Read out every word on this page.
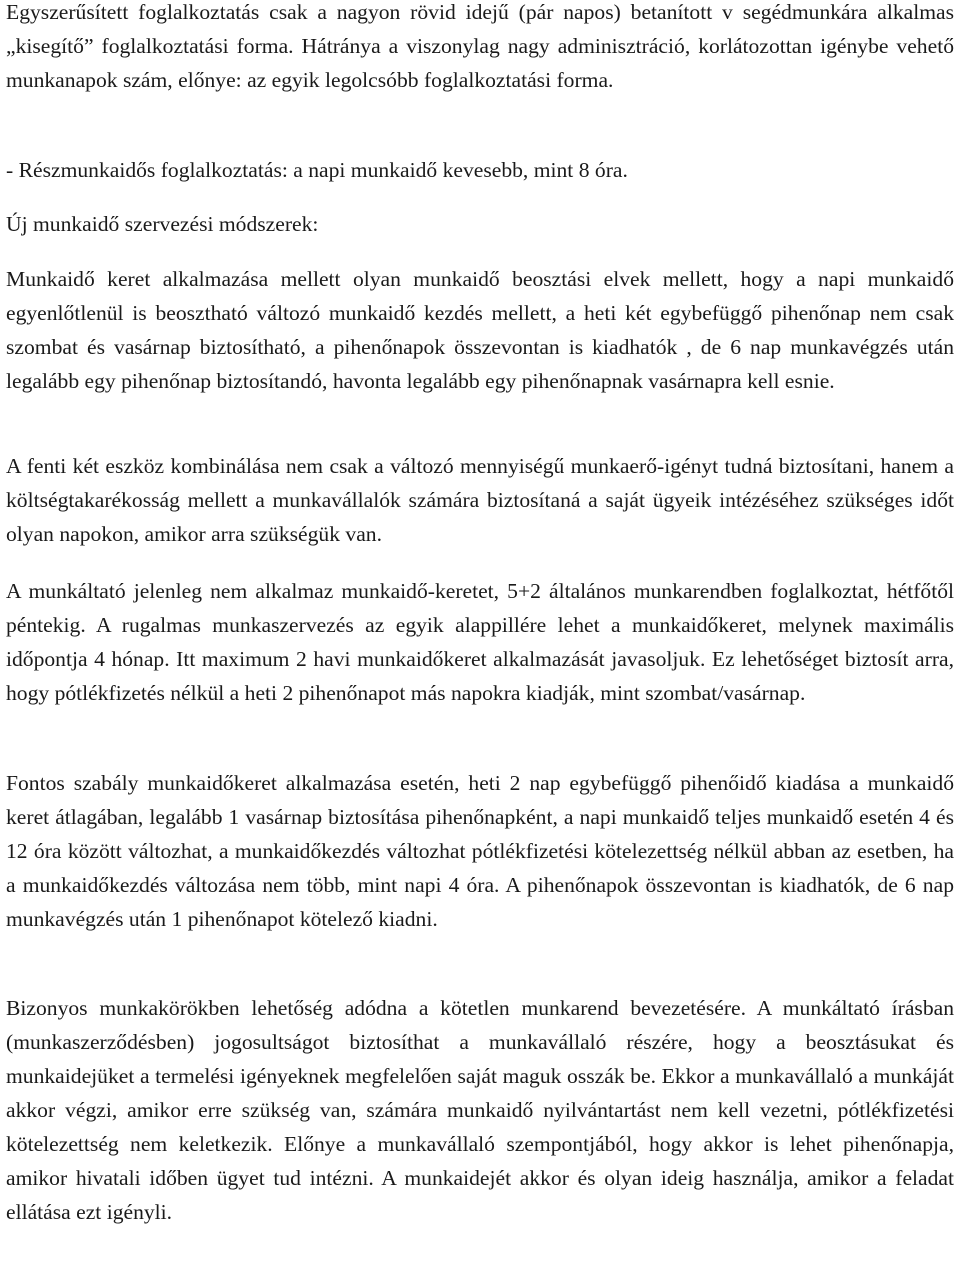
Egyszerűsített foglalkoztatás csak a nagyon rövid idejű (pár napos) betanított v segédmunkára alkalmas „kisegítő” foglalkoztatási forma. Hátránya a viszonylag nagy adminisztráció, korlátozottan igénybe vehető munkanapok szám, előnye: az egyik legolcsóbb foglalkoztatási forma.

- Részmunkaidős foglalkoztatás: a napi munkaidő kevesebb, mint 8 óra.

Új munkaidő szervezési módszerek:

Munkaidő keret alkalmazása mellett olyan munkaidő beosztási elvek mellett, hogy a napi munkaidő egyenlőtlenül is beosztható változó munkaidő kezdés mellett, a heti két egybefüggő pihenőnap nem csak szombat és vasárnap biztosítható, a pihenőnapok összevontan is kiadhatók , de 6 nap munkavégzés után legalább egy pihenőnap biztosítandó, havonta legalább egy pihenőnapnak vasárnapra kell esnie.

A fenti két eszköz kombinálása nem csak a változó mennyiségű munkaerő-igényt tudná biztosítani, hanem a költségtakarékosság mellett a munkavállalók számára biztosítaná a saját ügyeik intézéséhez szükséges időt olyan napokon, amikor arra szükségük van.

A munkáltató jelenleg nem alkalmaz munkaidő-keretet, 5+2 általános munkarendben foglalkoztat, hétfőtől péntekig. A rugalmas munkaszervezés az egyik alappillére lehet a munkaidőkeret, melynek maximális időpontja 4 hónap. Itt maximum 2 havi munkaidőkeret alkalmazását javasoljuk. Ez lehetőséget biztosít arra, hogy pótlékfizetés nélkül a heti 2 pihenőnapot más napokra kiadják, mint szombat/vasárnap.

Fontos szabály munkaidőkeret alkalmazása esetén, heti 2 nap egybefüggő pihenőidő kiadása a munkaidő keret átlagában, legalább 1 vasárnap biztosítása pihenőnapként, a napi munkaidő teljes munkaidő esetén 4 és 12 óra között változhat, a munkaidőkezdés változhat pótlékfizetési kötelezettség nélkül abban az esetben, ha a munkaidőkezdés változása nem több, mint napi 4 óra. A pihenőnapok összevontan is kiadhatók, de 6 nap munkavégzés után 1 pihenőnapot kötelező kiadni.

Bizonyos munkakörökben lehetőség adódna a kötetlen munkarend bevezetésére. A munkáltató írásban (munkaszerződésben) jogosultságot biztosíthat a munkavállaló részére, hogy a beosztásukat és munkaidejüket a termelési igényeknek megfelelően saját maguk osszák be. Ekkor a munkavállaló a munkáját akkor végzi, amikor erre szükség van, számára munkaidő nyilvántartást nem kell vezetni, pótlékfizetési kötelezettség nem keletkezik. Előnye a munkavállaló szempontjából, hogy akkor is lehet pihenőnapja, amikor hivatali időben ügyet tud intézni. A munkaidejét akkor és olyan ideig használja, amikor a feladat ellátása ezt igényli.
